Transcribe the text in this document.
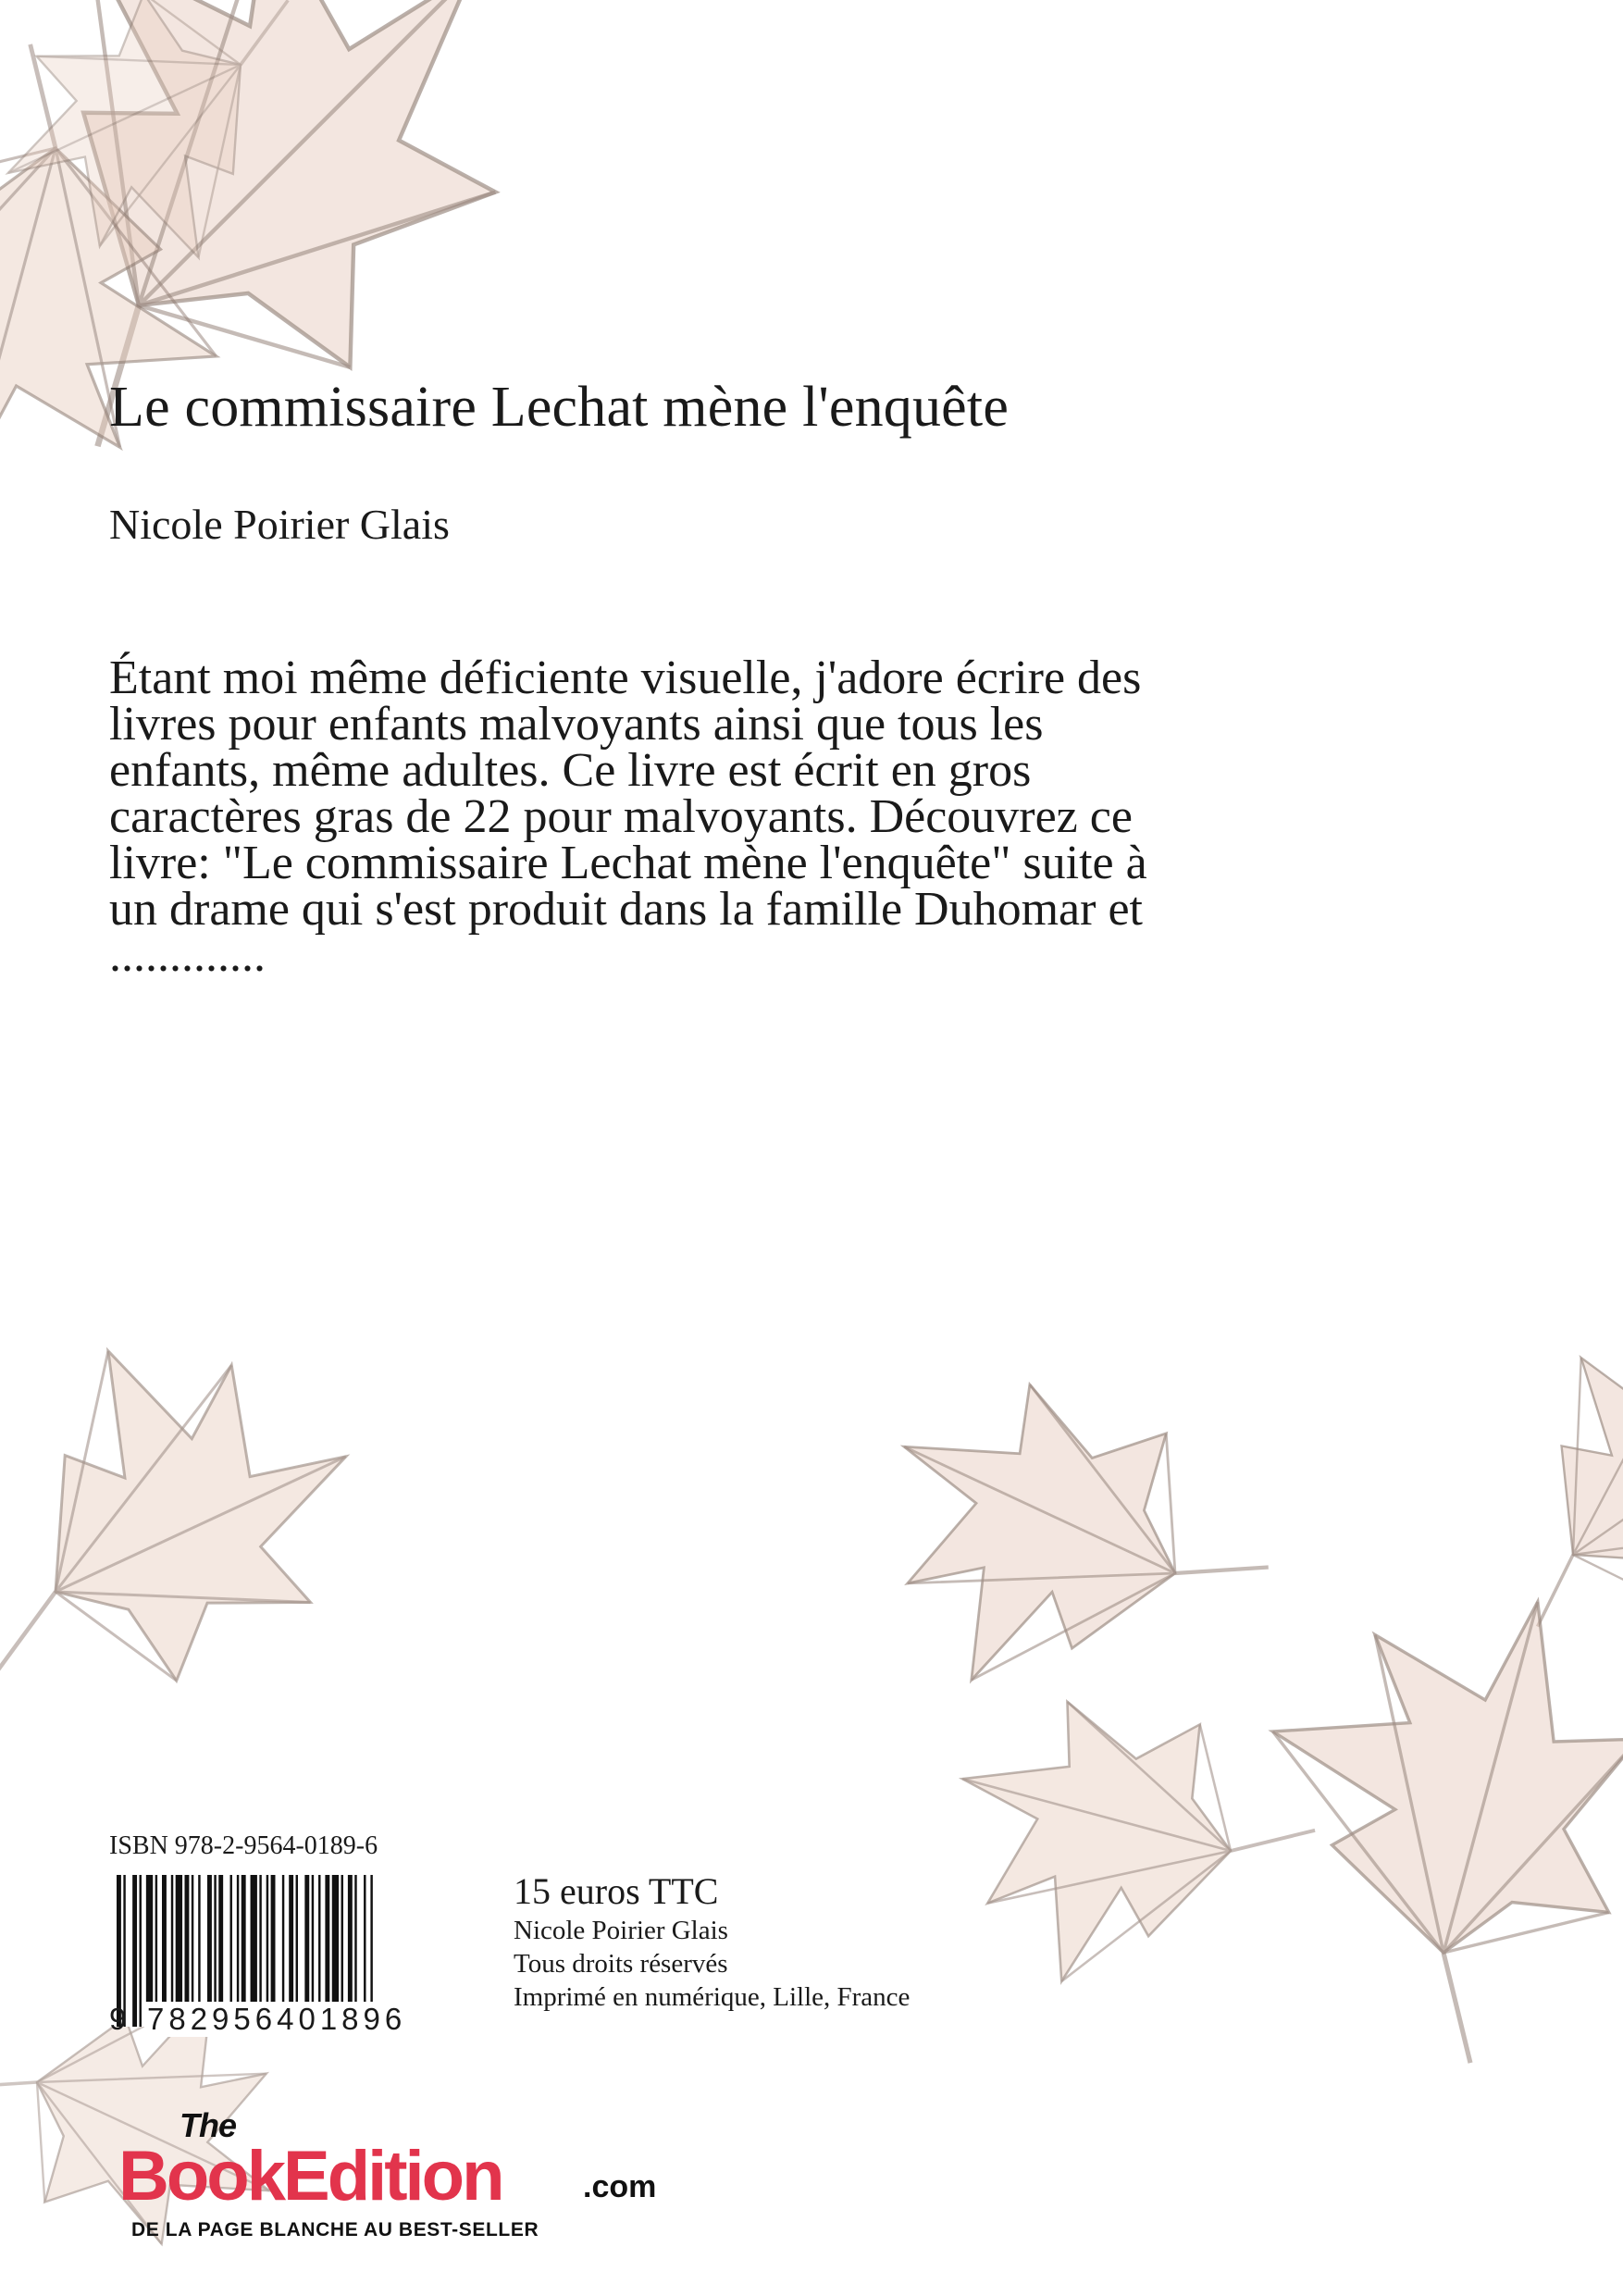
Le commissaire Lechat mène l'enquête
Nicole Poirier Glais

Étant moi même déficiente visuelle, j'adore écrire des livres pour enfants malvoyants ainsi que tous les enfants, même adultes. Ce livre est écrit en gros caractères gras de 22 pour malvoyants. Découvrez ce livre: "Le commissaire Lechat mène l'enquête" suite à un drame qui s'est produit dans la famille Duhomar et .............

ISBN 978-2-9564-0189-6
9 782956401896
15 euros TTC
Nicole Poirier Glais
Tous droits réservés
Imprimé en numérique, Lille, France
The
BookEdition	.com
DE LA PAGE BLANCHE AU BEST-SELLER
